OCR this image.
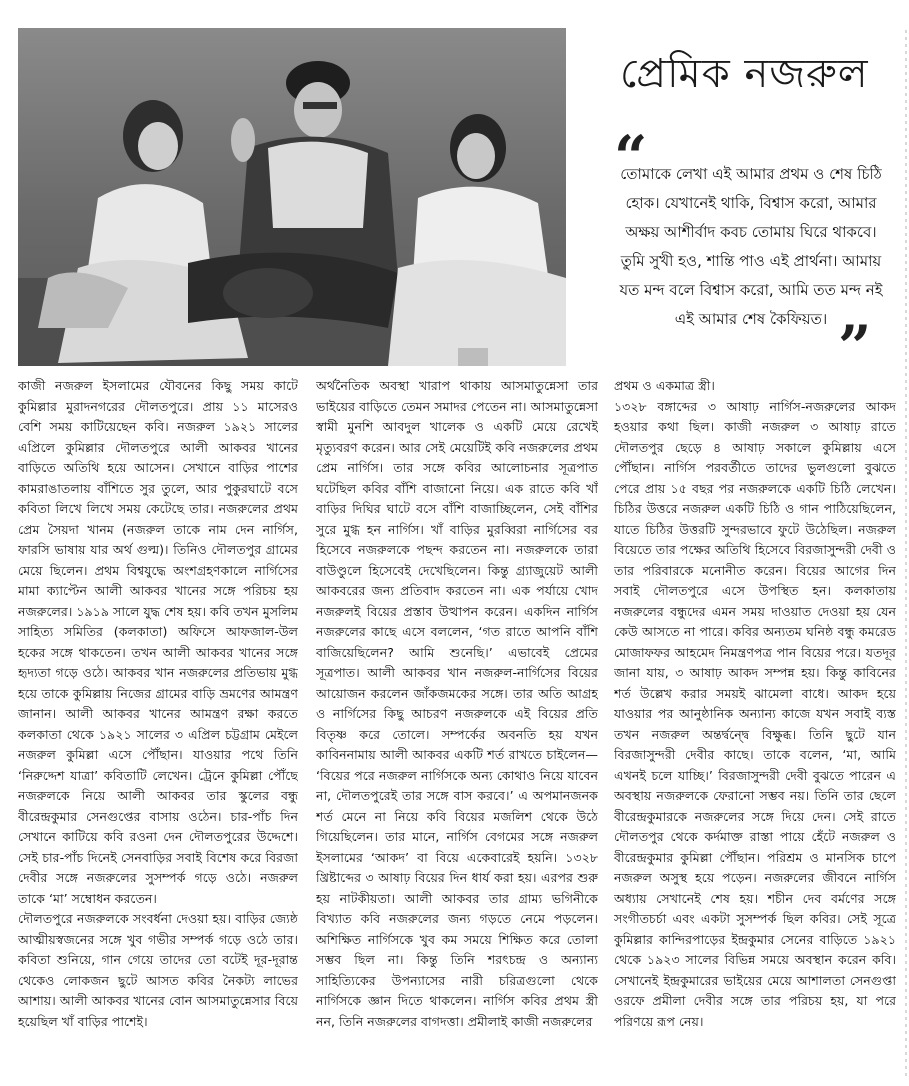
প্রেমিক নজরুল
“
তোমাকে লেখা এই আমার প্রথম ও শেষ চিঠি হোক। যেখানেই থাকি, বিশ্বাস করো, আমার অক্ষয় আশীর্বাদ কবচ তোমায় ঘিরে থাকবে। তুমি সুখী হও, শান্তি পাও এই প্রার্থনা। আমায় যত মন্দ বলে বিশ্বাস করো, আমি তত মন্দ নই এই আমার শেষ কৈফিয়ত। ”

কাজী নজরুল ইসলামের যৌবনের কিছু সময় কাটে কুমিল্লার মুরাদনগরের দৌলতপুরে। প্রায় ১১ মাসেরও বেশি সময় কাটিয়েছেন কবি। নজরুল ১৯২১ সালের এপ্রিলে কুমিল্লার দৌলতপুরে আলী আকবর খানের বাড়িতে অতিথি হয়ে আসেন। সেখানে বাড়ির পাশের কামরাঙাতলায় বাঁশিতে সুর তুলে, আর পুকুরঘাটে বসে কবিতা লিখে লিখে সময় কেটেছে তার। নজরুলের প্রথম প্রেম সৈয়দা খানম (নজরুল তাকে নাম দেন নার্গিস, ফারসি ভাষায় যার অর্থ গুল্ম)। তিনিও দৌলতপুর গ্রামের মেয়ে ছিলেন। প্রথম বিশ্বযুদ্ধে অংশগ্রহণকালে নার্গিসের মামা ক্যাপ্টেন আলী আকবর খানের সঙ্গে পরিচয় হয় নজরুলের। ১৯১৯ সালে যুদ্ধ শেষ হয়। কবি তখন মুসলিম সাহিত্য সমিতির (কলকাতা) অফিসে আফজাল-উল হকের সঙ্গে থাকতেন। তখন আলী আকবর খানের সঙ্গে হৃদ্যতা গড়ে ওঠে। আকবর খান নজরুলের প্রতিভায় মুগ্ধ হয়ে তাকে কুমিল্লায় নিজের গ্রামের বাড়ি ভ্রমণের আমন্ত্রণ জানান। আলী আকবর খানের আমন্ত্রণ রক্ষা করতে কলকাতা থেকে ১৯২১ সালের ৩ এপ্রিল চট্টগ্রাম মেইলে নজরুল কুমিল্লা এসে পৌঁছান। যাওয়ার পথে তিনি ‘নিরুদ্দেশ যাত্রা’ কবিতাটি লেখেন। ট্রেনে কুমিল্লা পৌঁছে নজরুলকে নিয়ে আলী আকবর তার স্কুলের বন্ধু বীরেন্দ্রকুমার সেনগুপ্তের বাসায় ওঠেন। চার-পাঁচ দিন সেখানে কাটিয়ে কবি রওনা দেন দৌলতপুরের উদ্দেশে। সেই চার-পাঁচ দিনেই সেনবাড়ির সবাই বিশেষ করে বিরজা দেবীর সঙ্গে নজরুলের সুসম্পর্ক গড়ে ওঠে। নজরুল তাকে ‘মা’ সম্বোধন করতেন।

দৌলতপুরে নজরুলকে সংবর্ধনা দেওয়া হয়। বাড়ির জ্যেষ্ঠ আত্মীয়স্বজনের সঙ্গে খুব গভীর সম্পর্ক গড়ে ওঠে তার। কবিতা শুনিয়ে, গান গেয়ে তাদের তো বটেই দূর-দূরান্ত থেকেও লোকজন ছুটে আসত কবির নৈকট্য লাভের আশায়। আলী আকবর খানের বোন আসমাতুন্নেসার বিয়ে হয়েছিল খাঁ বাড়ির পাশেই।

অর্থনৈতিক অবস্থা খারাপ থাকায় আসমাতুন্নেসা তার ভাইয়ের বাড়িতে তেমন সমাদর পেতেন না। আসমাতুন্নেসা স্বামী মুনশি আবদুল খালেক ও একটি মেয়ে রেখেই মৃত্যুবরণ করেন। আর সেই মেয়েটিই কবি নজরুলের প্রথম প্রেম নার্গিস। তার সঙ্গে কবির আলোচনার সূত্রপাত ঘটেছিল কবির বাঁশি বাজানো নিয়ে। এক রাতে কবি খাঁ বাড়ির দিঘির ঘাটে বসে বাঁশি বাজাচ্ছিলেন, সেই বাঁশির সুরে মুগ্ধ হন নার্গিস। খাঁ বাড়ির মুরব্বিরা নার্গিসের বর হিসেবে নজরুলকে পছন্দ করতেন না। নজরুলকে তারা বাউণ্ডুলে হিসেবেই দেখেছিলেন। কিন্তু গ্র্যাজুয়েট আলী আকবরের জন্য প্রতিবাদ করতেন না। এক পর্যায়ে খোদ নজরুলই বিয়ের প্রস্তাব উত্থাপন করেন। একদিন নার্গিস নজরুলের কাছে এসে বললেন, ‘গত রাতে আপনি বাঁশি বাজিয়েছিলেন? আমি শুনেছি।’ এভাবেই প্রেমের সূত্রপাত। আলী আকবর খান নজরুল-নার্গিসের বিয়ের আয়োজন করলেন জাঁকজমকের সঙ্গে। তার অতি আগ্রহ ও নার্গিসের কিছু আচরণ নজরুলকে এই বিয়ের প্রতি বিতৃষ্ণ করে তোলে। সম্পর্কের অবনতি হয় যখন কাবিননামায় আলী আকবর একটি শর্ত রাখতে চাইলেন— ‘বিয়ের পরে নজরুল নার্গিসকে অন্য কোথাও নিয়ে যাবেন না, দৌলতপুরেই তার সঙ্গে বাস করবে।’ এ অপমানজনক শর্ত মেনে না নিয়ে কবি বিয়ের মজলিশ থেকে উঠে গিয়েছিলেন। তার মানে, নার্গিস বেগমের সঙ্গে নজরুল ইসলামের ‘আকদ’ বা বিয়ে একেবারেই হয়নি। ১৩২৮ খ্রিষ্টাব্দের ৩ আষাঢ় বিয়ের দিন ধার্য করা হয়। এরপর শুরু হয় নাটকীয়তা। আলী আকবর তার গ্রাম্য ভগিনীকে বিখ্যাত কবি নজরুলের জন্য গড়তে নেমে পড়লেন। অশিক্ষিত নার্গিসকে খুব কম সময়ে শিক্ষিত করে তোলা সম্ভব ছিল না। কিন্তু তিনি শরৎচন্দ্র ও অন্যান্য সাহিত্যিকের উপন্যাসের নারী চরিত্রগুলো থেকে নার্গিসকে জ্ঞান দিতে থাকলেন। নার্গিস কবির প্রথম স্ত্রী নন, তিনি নজরুলের বাগদত্তা। প্রমীলাই কাজী নজরুলের

প্রথম ও একমাত্র স্ত্রী।

১৩২৮ বঙ্গাব্দের ৩ আষাঢ় নার্গিস-নজরুলের আকদ হওয়ার কথা ছিল। কাজী নজরুল ৩ আষাঢ় রাতে দৌলতপুর ছেড়ে ৪ আষাঢ় সকালে কুমিল্লায় এসে পৌঁছান। নার্গিস পরবর্তীতে তাদের ভুলগুলো বুঝতে পেরে প্রায় ১৫ বছর পর নজরুলকে একটি চিঠি লেখেন। চিঠির উত্তরে নজরুল একটি চিঠি ও গান পাঠিয়েছিলেন, যাতে চিঠির উত্তরটি সুন্দরভাবে ফুটে উঠেছিল। নজরুল বিয়েতে তার পক্ষের অতিথি হিসেবে বিরজাসুন্দরী দেবী ও তার পরিবারকে মনোনীত করেন। বিয়ের আগের দিন সবাই দৌলতপুরে এসে উপস্থিত হন। কলকাতায় নজরুলের বন্ধুদের এমন সময় দাওয়াত দেওয়া হয় যেন কেউ আসতে না পারে। কবির অন্যতম ঘনিষ্ঠ বন্ধু কমরেড মোজাফফর আহমেদ নিমন্ত্রণপত্র পান বিয়ের পরে। যতদূর জানা যায়, ৩ আষাঢ় আকদ সম্পন্ন হয়। কিন্তু কাবিনের শর্ত উল্লেখ করার সময়ই ঝামেলা বাধে। আকদ হয়ে যাওয়ার পর আনুষ্ঠানিক অন্যান্য কাজে যখন সবাই ব্যস্ত তখন নজরুল অন্তর্দ্বন্দ্বে বিক্ষুব্ধ। তিনি ছুটে যান বিরজাসুন্দরী দেবীর কাছে। তাকে বলেন, ‘মা, আমি এখনই চলে যাচ্ছি।’ বিরজাসুন্দরী দেবী বুঝতে পারেন এ অবস্থায় নজরুলকে ফেরানো সম্ভব নয়। তিনি তার ছেলে বীরেন্দ্রকুমারকে নজরুলের সঙ্গে দিয়ে দেন। সেই রাতে দৌলতপুর থেকে কর্দমাক্ত রাস্তা পায়ে হেঁটে নজরুল ও বীরেন্দ্রকুমার কুমিল্লা পৌঁছান। পরিশ্রম ও মানসিক চাপে নজরুল অসুস্থ হয়ে পড়েন। নজরুলের জীবনে নার্গিস অধ্যায় সেখানেই শেষ হয়। শচীন দেব বর্মণের সঙ্গে সংগীতচর্চা এবং একটা সুসম্পর্ক ছিল কবির। সেই সূত্রে কুমিল্লার কান্দিরপাড়ের ইন্দ্রকুমার সেনের বাড়িতে ১৯২১ থেকে ১৯২৩ সালের বিভিন্ন সময়ে অবস্থান করেন কবি। সেখানেই ইন্দ্রকুমারের ভাইয়ের মেয়ে আশালতা সেনগুপ্তা ওরফে প্রমীলা দেবীর সঙ্গে তার পরিচয় হয়, যা পরে পরিণয়ে রূপ নেয়।
